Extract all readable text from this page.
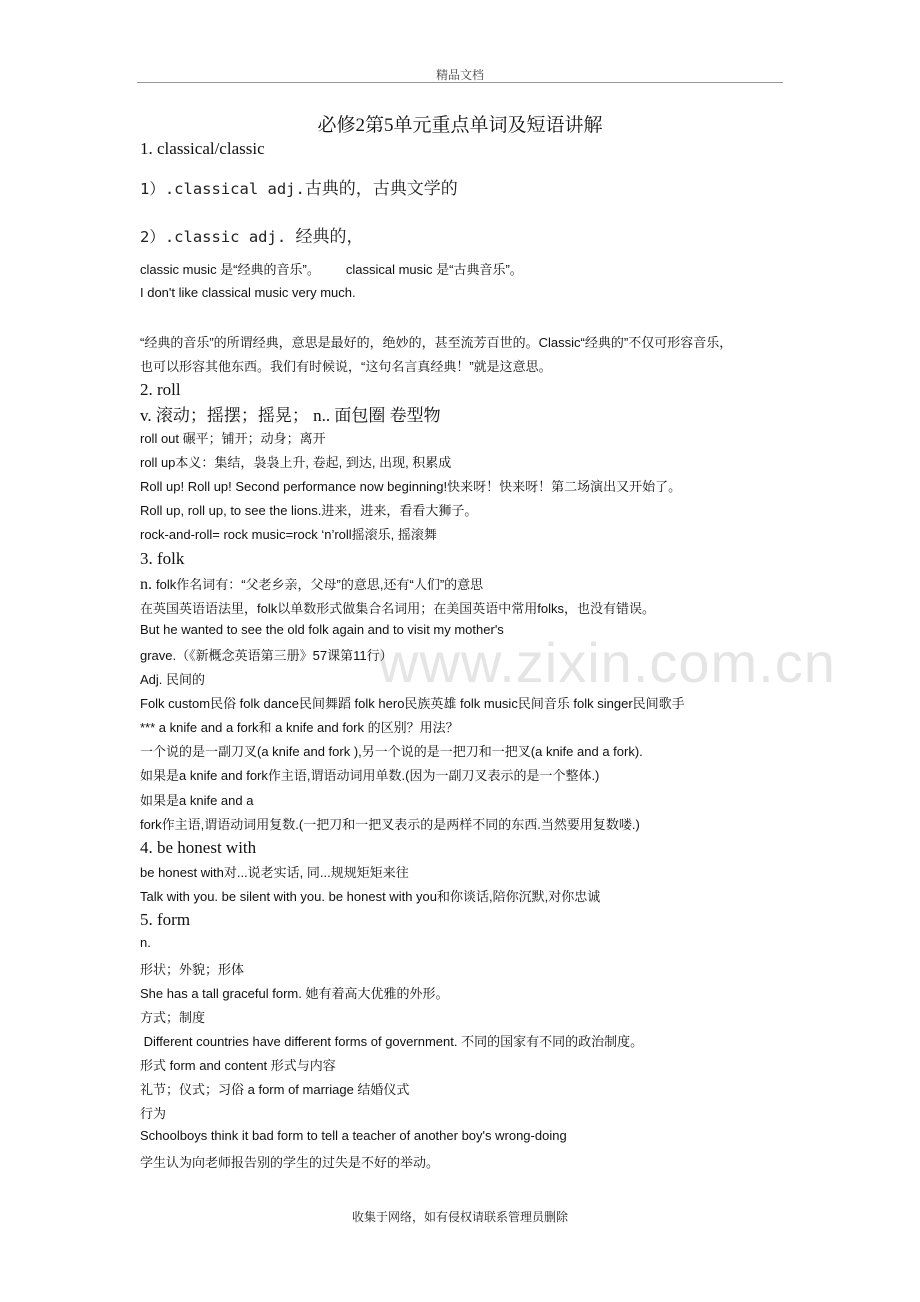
精品文档
www.zixin.com.cn
必修2第5单元重点单词及短语讲解
1. classical/classic
1）.classical adj.古典的，古典文学的
2）.classic adj. 经典的，
classic music 是“经典的音乐”。 classical music 是“古典音乐”。
I don't like classical music very much.
“经典的音乐”的所谓经典，意思是最好的，绝妙的，甚至流芳百世的。Classic“经典的”不仅可形容音乐，
也可以形容其他东西。我们有时候说，“这句名言真经典！”就是这意思。
2. roll
v. 滚动；摇摆；摇晃； n.. 面包圈 卷型物
roll out 碾平；铺开；动身；离开
roll up本义：集结，袅袅上升, 卷起, 到达, 出现, 积累成
Roll up! Roll up! Second performance now beginning!快来呀！快来呀！第二场演出又开始了。
Roll up, roll up, to see the lions.进来，进来，看看大狮子。
rock-and-roll= rock music=rock ‘n’roll摇滚乐, 摇滚舞
3. folk
n. folk作名词有：“父老乡亲，父母”的意思,还有“人们”的意思
在英国英语语法里，folk以单数形式做集合名词用；在美国英语中常用folks，也没有错误。
But he wanted to see the old folk again and to visit my mother's
grave.（《新概念英语第三册》57课第11行）
Adj. 民间的
Folk custom民俗 folk dance民间舞蹈 folk hero民族英雄 folk music民间音乐 folk singer民间歌手
*** a knife and a fork和 a knife and fork 的区别？用法？
一个说的是一副刀叉(a knife and fork ),另一个说的是一把刀和一把叉(a knife and a fork).
如果是a knife and fork作主语,谓语动词用单数.(因为一副刀叉表示的是一个整体.)
如果是a knife and a
fork作主语,谓语动词用复数.(一把刀和一把叉表示的是两样不同的东西.当然要用复数喽.)
4. be honest with
be honest with对...说老实话, 同...规规矩矩来往
Talk with you. be silent with you. be honest with you和你谈话,陪你沉默,对你忠诚
5. form
n.
形状；外貌；形体
She has a tall graceful form. 她有着高大优雅的外形。
方式；制度
Different countries have different forms of government. 不同的国家有不同的政治制度。
形式 form and content 形式与内容
礼节；仪式；习俗 a form of marriage 结婚仪式
行为
Schoolboys think it bad form to tell a teacher of another boy's wrong-doing
学生认为向老师报告别的学生的过失是不好的举动。
收集于网络，如有侵权请联系管理员删除
